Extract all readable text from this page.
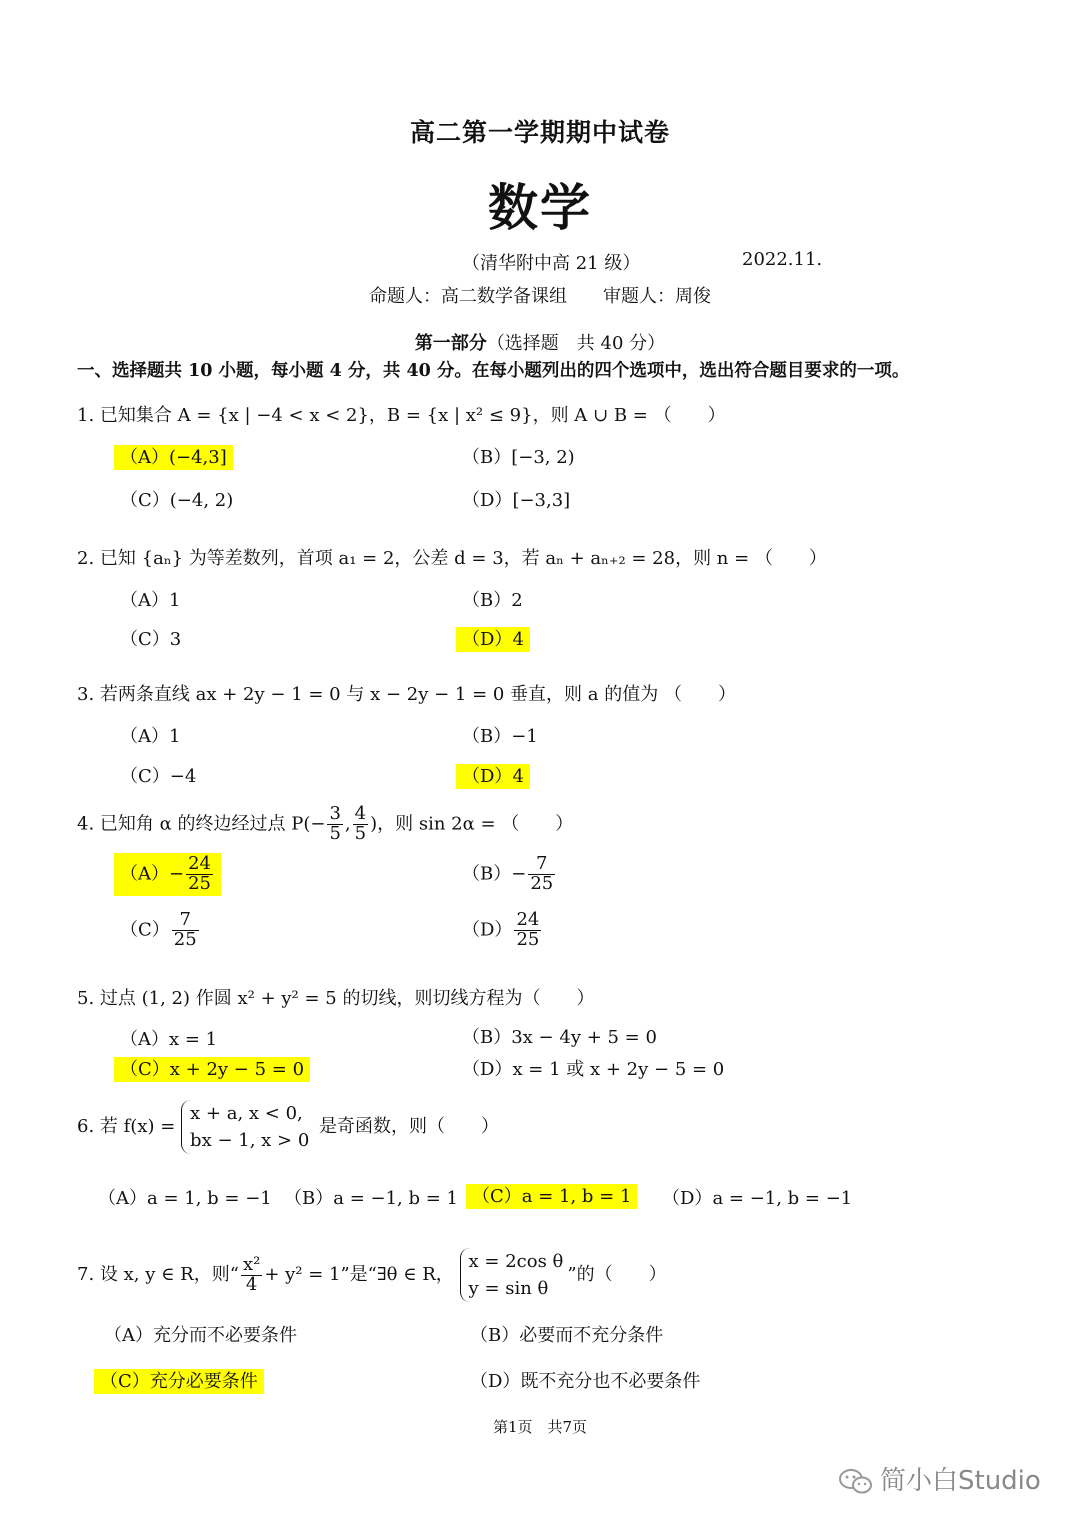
高二第一学期期中试卷
数学
（清华附中高 21 级）	2022.11.
命题人：高二数学备课组　　审题人：周俊
第一部分（选择题　共 40 分）
一、选择题共 10 小题，每小题 4 分，共 40 分。在每小题列出的四个选项中，选出符合题目要求的一项。
1. 已知集合 A = {x | −4 < x < 2}，B = {x | x² ≤ 9}，则 A ∪ B = （　　）
（A）(−4,3]	（B）[−3, 2)
（C）(−4, 2)	（D）[−3,3]
2. 已知 {aₙ} 为等差数列，首项 a₁ = 2，公差 d = 3，若 aₙ + aₙ₊₂ = 28，则 n = （　　）
（A）1	（B）2
（C）3	（D）4
3. 若两条直线 ax + 2y − 1 = 0 与 x − 2y − 1 = 0 垂直，则 a 的值为 （　　）
（A）1	（B）−1
（C）−4	（D）4
4. 已知角 α 的终边经过点 $P(- \frac{3}{5}$ , $\frac{4}{5}$ )，则 sin 2α = （　　）
$(A)- \frac{24}{25}$	$(B)- \frac{7}{25}$
$(C) \frac{7}{25}$	$(D) \frac{24}{25}$
5. 过点 (1, 2) 作圆 x² + y² = 5 的切线，则切线方程为（　　）
（A）x = 1	（B）3x − 4y + 5 = 0
（C）x + 2y − 5 = 0	（D）x = 1 或 x + 2y − 5 = 0
6. 若 f(x) =
x + a, x < 0,
bx − 1, x > 0
是奇函数，则（　　）
（A）a = 1, b = −1 （B）a = −1, b = 1 （C）a = 1, b = 1	（D）a = −1, b = −1
7. 设 x, y ∈ R，则“ $\frac{\text{x²}}{4} + y^2 = 1$”是“∃θ ∈ R，
x = 2cos θ
y = sin θ
”的（　　）
（A）充分而不必要条件	（B）必要而不充分条件
（C）充分必要条件	（D）既不充分也不必要条件
第1页　共7页
简小白Studio
